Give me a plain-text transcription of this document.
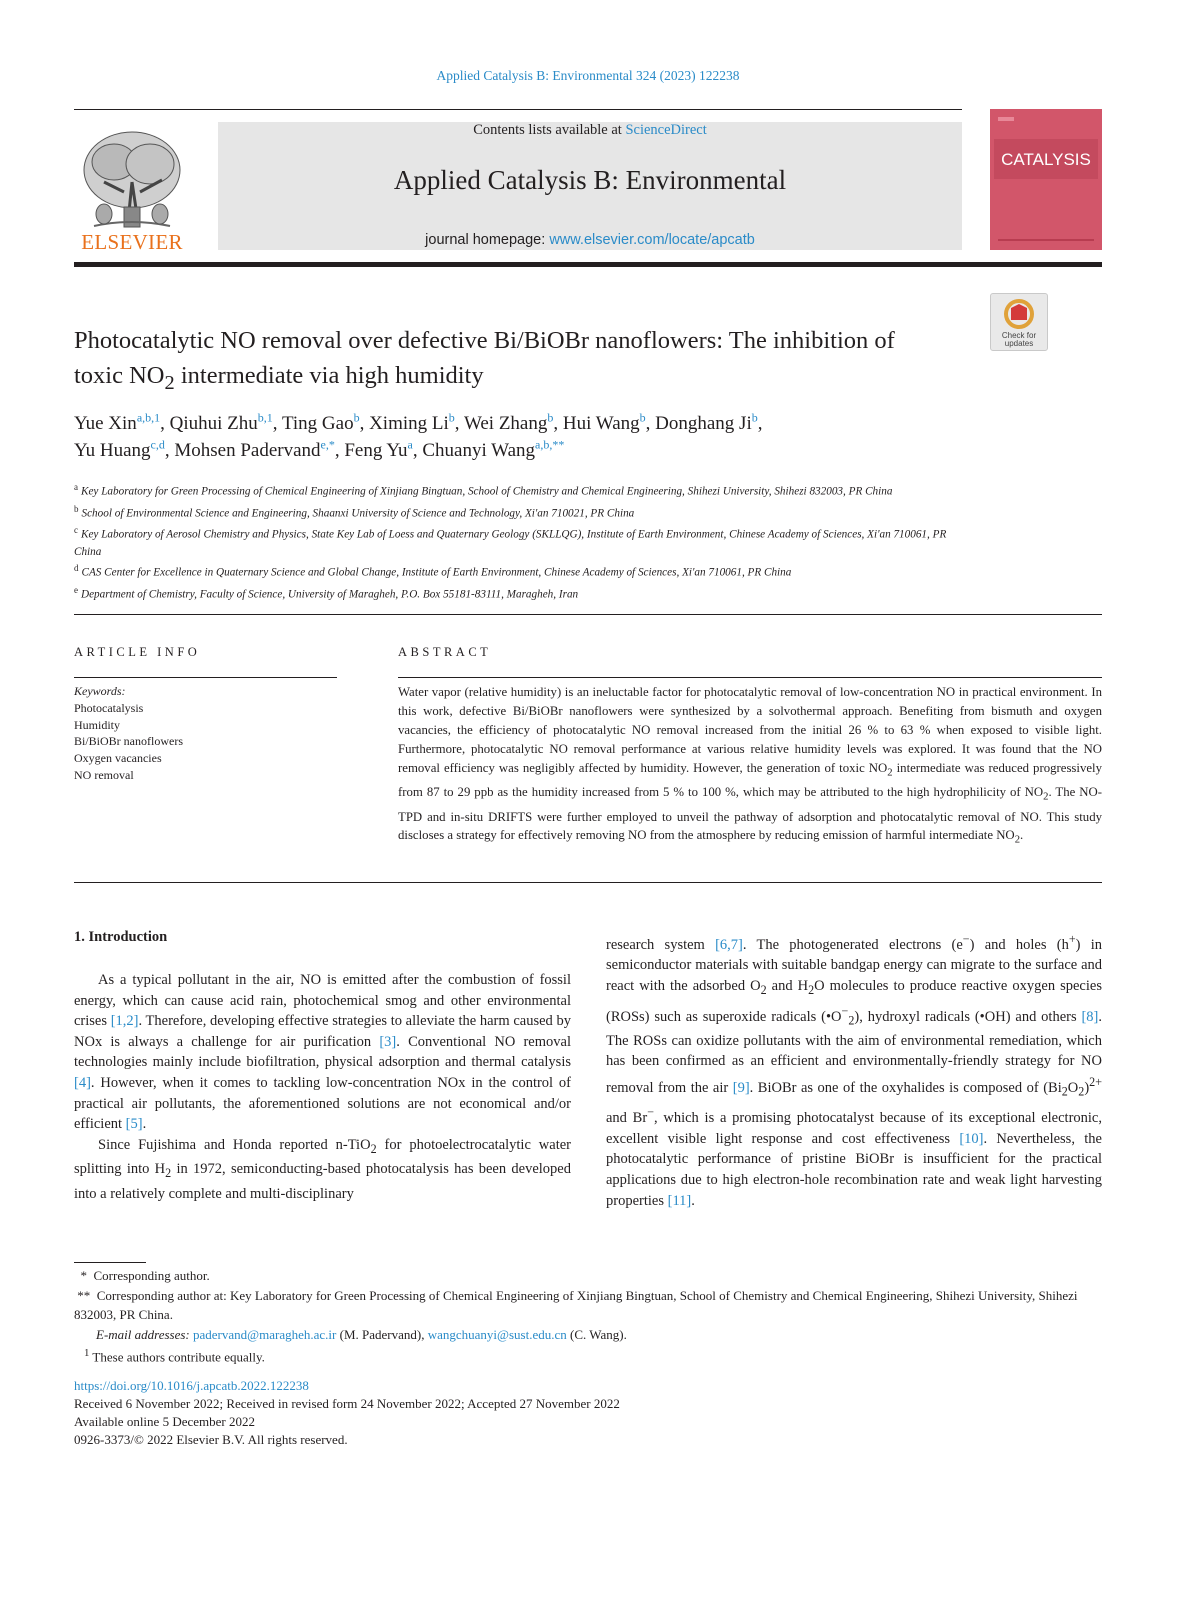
Applied Catalysis B: Environmental 324 (2023) 122238
ELSEVIER
Contents lists available at ScienceDirect
Applied Catalysis B: Environmental
journal homepage: www.elsevier.com/locate/apcatb
CATALYSIS
Check for
updates
Photocatalytic NO removal over defective Bi/BiOBr nanoflowers: The inhibition of toxic $NO_2$ intermediate via high humidity
Yue Xin$^{a,b,1}$, Qiuhui Zhu$^{b,1}$, Ting Gao$^b$, Ximing Li$^b$, Wei Zhang$^b$, Hui Wang$^b$, Donghang Ji$^b$,
Yu Huang$^{c,d}$, Mohsen Padervand$^{e,*}$, Feng Yu$^a$, Chuanyi Wang$^{a,b,**}$

$^a$ Key Laboratory for Green Processing of Chemical Engineering of Xinjiang Bingtuan, School of Chemistry and Chemical Engineering, Shihezi University, Shihezi 832003, PR China

$^b$ School of Environmental Science and Engineering, Shaanxi University of Science and Technology, Xi'an 710021, PR China

$^c$ Key Laboratory of Aerosol Chemistry and Physics, State Key Lab of Loess and Quaternary Geology (SKLLQG), Institute of Earth Environment, Chinese Academy of Sciences, Xi'an 710061, PR China

$^d$ CAS Center for Excellence in Quaternary Science and Global Change, Institute of Earth Environment, Chinese Academy of Sciences, Xi'an 710061, PR China

$^e$ Department of Chemistry, Faculty of Science, University of Maragheh, P.O. Box 55181-83111, Maragheh, Iran

ARTICLE INFO	ABSTRACT
Keywords:
Photocatalysis
Humidity
Bi/BiOBr nanoflowers
Oxygen vacancies
NO removal

Water vapor (relative humidity) is an ineluctable factor for photocatalytic removal of low-concentration NO in practical environment. In this work, defective Bi/BiOBr nanoflowers were synthesized by a solvothermal approach. Benefiting from bismuth and oxygen vacancies, the efficiency of photocatalytic NO removal increased from the initial 26 % to 63 % when exposed to visible light. Furthermore, photocatalytic NO removal performance at various relative humidity levels was explored. It was found that the NO removal efficiency was negligibly affected by humidity. However, the generation of toxic $NO_2$ intermediate was reduced progressively from 87 to 29 ppb as the humidity increased from 5 % to 100 %, which may be attributed to the high hydrophilicity of $NO_2$. The NO-TPD and in-situ DRIFTS were further employed to unveil the pathway of adsorption and photocatalytic removal of NO. This study discloses a strategy for effectively removing NO from the atmosphere by reducing emission of harmful intermediate $NO_2$.

1. Introduction

As a typical pollutant in the air, NO is emitted after the combustion of fossil energy, which can cause acid rain, photochemical smog and other environmental crises [1,2]. Therefore, developing effective strategies to alleviate the harm caused by NOx is always a challenge for air purification [3]. Conventional NO removal technologies mainly include biofiltration, physical adsorption and thermal catalysis [4]. However, when it comes to tackling low-concentration NOx in the control of practical air pollutants, the aforementioned solutions are not economical and/or efficient [5].

Since Fujishima and Honda reported n-TiO$_2$ for photoelectrocatalytic water splitting into $H_2$ in 1972, semiconducting-based photocatalysis has been developed into a relatively complete and multi-disciplinary

research system [6,7]. The photogenerated electrons (e−) and holes (h+) in semiconductor materials with suitable bandgap energy can migrate to the surface and react with the adsorbed $O_2$ and $H_2O$ molecules to produce reactive oxygen species (ROSs) such as superoxide radicals $(•O^-_2)$, hydroxyl radicals (•OH) and others [8]. The ROSs can oxidize pollutants with the aim of environmental remediation, which has been confirmed as an efficient and environmentally-friendly strategy for NO removal from the air [9]. BiOBr as one of the oxyhalides is composed of $(Bi_2O_2)^{2+}$ and Br−, which is a promising photocatalyst because of its exceptional electronic, excellent visible light response and cost effectiveness [10]. Nevertheless, the photocatalytic performance of pristine BiOBr is insufficient for the practical applications due to high electron-hole recombination rate and weak light harvesting properties [11].

*  Corresponding author.

**  Corresponding author at: Key Laboratory for Green Processing of Chemical Engineering of Xinjiang Bingtuan, School of Chemistry and Chemical Engineering, Shihezi University, Shihezi 832003, PR China.

E-mail addresses: padervand@maragheh.ac.ir (M. Padervand), wangchuanyi@sust.edu.cn (C. Wang).

$^1$ These authors contribute equally.

https://doi.org/10.1016/j.apcatb.2022.122238

Received 6 November 2022; Received in revised form 24 November 2022; Accepted 27 November 2022

Available online 5 December 2022

0926-3373/© 2022 Elsevier B.V. All rights reserved.
